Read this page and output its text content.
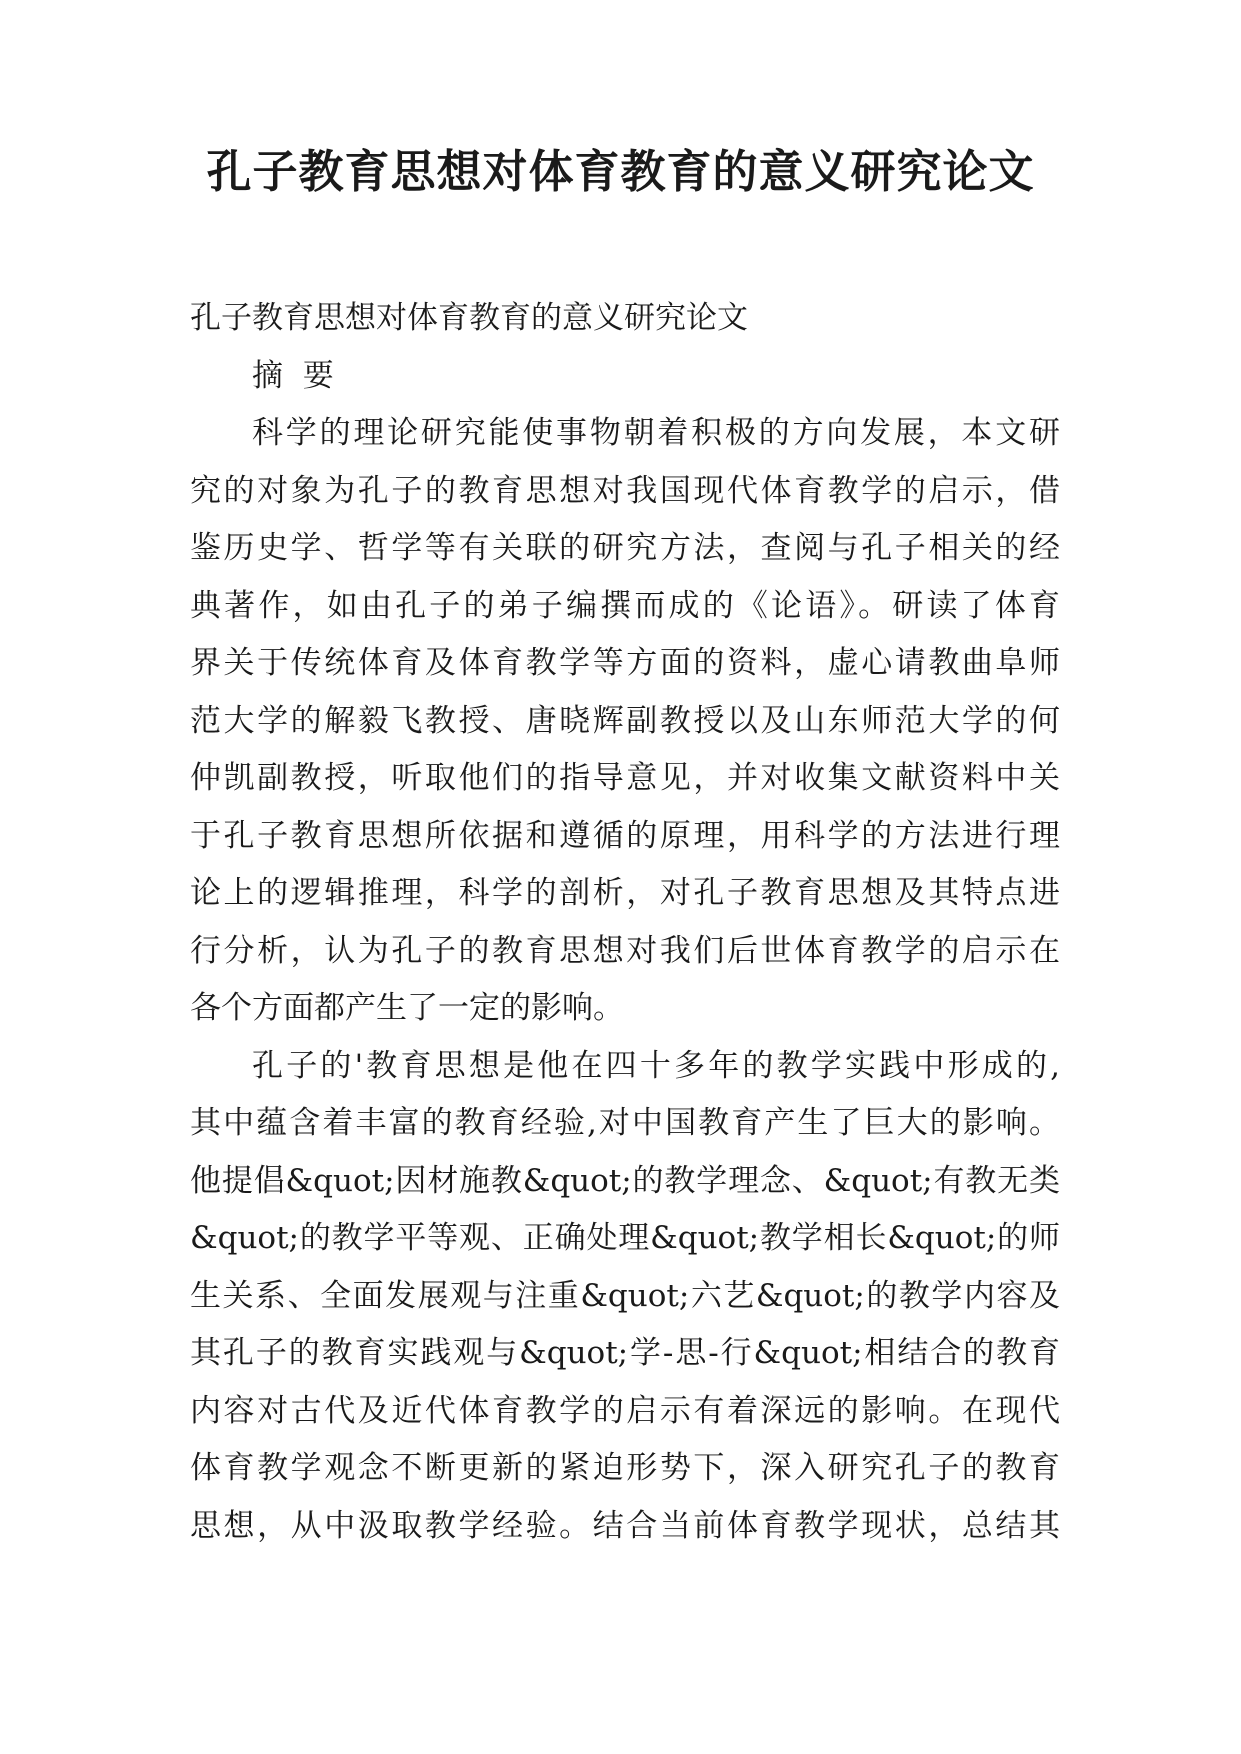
孔子教育思想对体育教育的意义研究论文
孔子教育思想对体育教育的意义研究论文
摘  要
科学的理论研究能使事物朝着积极的方向发展，本文研
究的对象为孔子的教育思想对我国现代体育教学的启示，借
鉴历史学、哲学等有关联的研究方法，查阅与孔子相关的经
典著作，如由孔子的弟子编撰而成的《论语》。研读了体育
界关于传统体育及体育教学等方面的资料，虚心请教曲阜师
范大学的解毅飞教授、唐晓辉副教授以及山东师范大学的何
仲凯副教授，听取他们的指导意见，并对收集文献资料中关
于孔子教育思想所依据和遵循的原理，用科学的方法进行理
论上的逻辑推理，科学的剖析，对孔子教育思想及其特点进
行分析，认为孔子的教育思想对我们后世体育教学的启示在
各个方面都产生了一定的影响。
孔子的'教育思想是他在四十多年的教学实践中形成的,
其中蕴含着丰富的教育经验,对中国教育产生了巨大的影响。
他提倡&quot;因材施教&quot;的教学理念、&quot;有教无类
&quot;的教学平等观、正确处理&quot;教学相长&quot;的师
生关系、全面发展观与注重&quot;六艺&quot;的教学内容及
其孔子的教育实践观与&quot;学-思-行&quot;相结合的教育
内容对古代及近代体育教学的启示有着深远的影响。在现代
体育教学观念不断更新的紧迫形势下，深入研究孔子的教育
思想，从中汲取教学经验。结合当前体育教学现状，总结其
